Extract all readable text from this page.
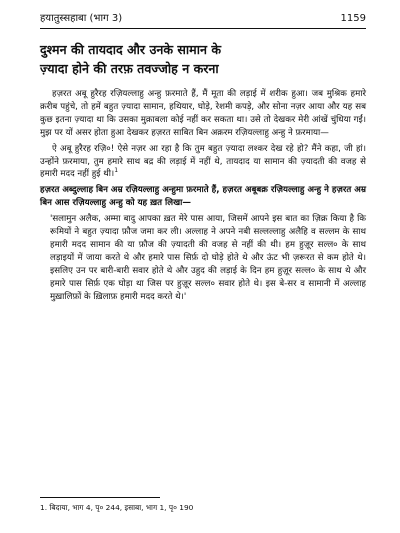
हयातुस्सहाबा (भाग 3)	1159
दुश्मन की तायदाद और उनके सामान के
ज़्यादा होने की तरफ़ तवज्जोह न करना

हज़रत अबू हुरैरह रज़ियल्लाहु अन्हु फ़रमाते हैं, मैं मूता की लड़ाई में शरीक हुआ। जब मुश्रिक हमारे क़रीब पहुंचे, तो हमें बहुत ज़्यादा सामान, हथियार, घोड़े, रेशमी कपड़े, और सोना नज़र आया और यह सब कुछ इतना ज़्यादा था कि उसका मुक़ाबला कोई नहीं कर सकता था। उसे तो देखकर मेरी आंखें चुंधिया गईं। मुझ पर यों असर होता हुआ देखकर हज़रत साबित बिन अक़रम रज़ियल्लाहु अन्हु ने फ़रमाया—

ऐ अबू हुरैरह रज़ि०! ऐसे नज़र आ रहा है कि तुम बहुत ज़्यादा लश्कर देख रहे हो? मैंने कहा, जी हां। उन्होंने फ़रमाया, तुम हमारे साथ बद्र की लड़ाई में नहीं थे, तायदाद या सामान की ज़्यादती की वजह से हमारी मदद नहीं हुई थी।$^1$

हज़रत अब्दुल्लाह बिन अम्र रज़ियल्लाहु अन्हुमा फ़रमाते हैं, हज़रत अबूबक्र रज़ियल्लाहु अन्हु ने हज़रत अम्र बिन आस रज़ियल्लाहु अन्हु को यह ख़त लिखा—

'सलामुन अलैक, अम्मा बादु आपका ख़त मेरे पास आया, जिसमें आपने इस बात का ज़िक्र किया है कि रूमियों ने बहुत ज़्यादा फ़ौज जमा कर ली। अल्लाह ने अपने नबी सल्लल्लाहु अलैहि व सल्लम के साथ हमारी मदद सामान की या फ़ौज की ज़्यादती की वजह से नहीं की थी। हम हुज़ूर सल्ल० के साथ लड़ाइयों में जाया करते थे और हमारे पास सिर्फ़ दो घोड़े होते थे और ऊंट भी ज़रूरत से कम होते थे। इसलिए उन पर बारी-बारी सवार होते थे और उहुद की लड़ाई के दिन हम हुज़ूर सल्ल० के साथ थे और हमारे पास सिर्फ़ एक घोड़ा था जिस पर हुज़ूर सल्ल० सवार होते थे। इस बे-सर व सामानी में अल्लाह मुख़ालिफ़ों के ख़िलाफ़ हमारी मदद करते थे।'

1. बिदाया, भाग 4, पृ० 244, इसाबा, भाग 1, पृ० 190
